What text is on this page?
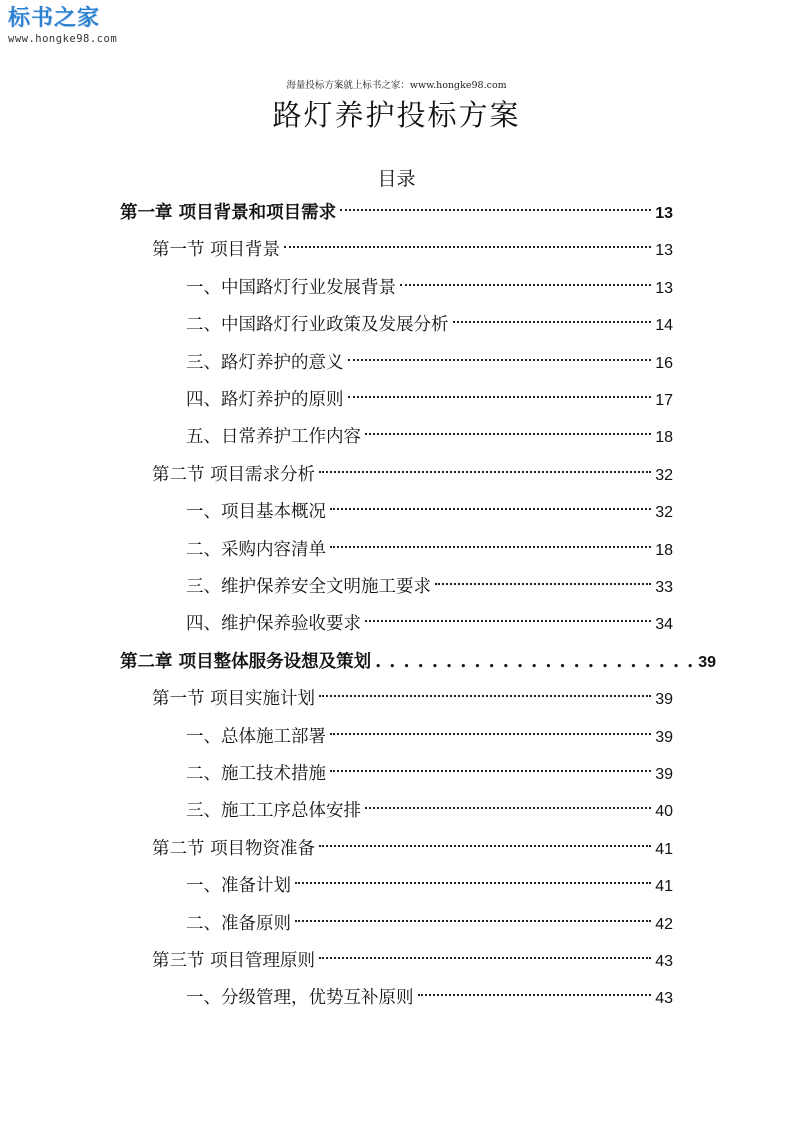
标书之家
www.hongke98.com
海量投标方案就上标书之家：www.hongke98.com
路灯养护投标方案
目录
第一章 项目背景和项目需求	13
第一节 项目背景	13
一、中国路灯行业发展背景	13
二、中国路灯行业政策及发展分析	14
三、路灯养护的意义	16
四、路灯养护的原则	17
五、日常养护工作内容	18
第二节 项目需求分析	32
一、项目基本概况	32
二、采购内容清单	18
三、维护保养安全文明施工要求	33
四、维护保养验收要求	34
第二章 项目整体服务设想及策划	39
第一节 项目实施计划	39
一、总体施工部署	39
二、施工技术措施	39
三、施工工序总体安排	40
第二节 项目物资准备	41
一、准备计划	41
二、准备原则	42
第三节 项目管理原则	43
一、分级管理，优势互补原则	43
